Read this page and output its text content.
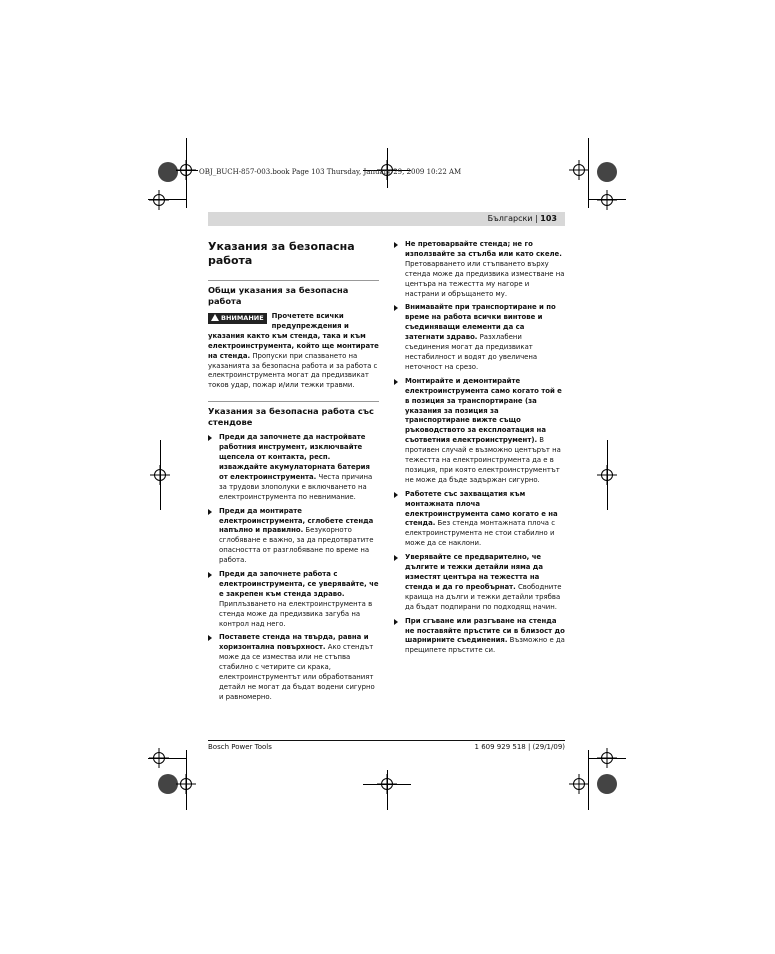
OBJ_BUCH-857-003.book Page 103 Thursday, January 29, 2009 10:22 AM
Български | 103
Указания за безопасна работа
Общи указания за безопасна работа
ВНИМАНИЕ	Прочетете всички предупреждения и указания както към стенда, така и към електроинструмента, който ще монтирате на стенда. Пропуски при спазването на указанията за безопасна работа и за работа с електроинструмента могат да предизвикат токов удар, пожар и/или тежки травми.
Указания за безопасна работа със стендове
Преди да започнете да настройвате работния инструмент, изключвайте щепсела от контакта, респ. изваждайте акумулаторната батерия от електроинструмента. Честа причина за трудови злополуки е включването на електроинструмента по невнимание.
Преди да монтирате електроинструмента, сглобете стенда напълно и правилно. Безукорното сглобяване е важно, за да предотвратите опасността от разглобяване по време на работа.
Преди да започнете работа с електроинструмента, се уверявайте, че е закрепен към стенда здраво. Приплъзването на електроинструмента в стенда може да предизвика загуба на контрол над него.
Поставете стенда на твърда, равна и хоризонтална повърхност. Ако стендът може да се измества или не стъпва стабилно с четирите си крака, електроинструментът или обработваният детайл не могат да бъдат водени сигурно и равномерно.
Не претоварвайте стенда; не го използвайте за стълба или като скеле. Претоварването или стъпването върху стенда може да предизвика изместване на центъра на тежестта му нагоре и настрани и обръщането му.
Внимавайте при транспортиране и по време на работа всички винтове и съединяващи елементи да са затегнати здраво. Разхлабени съединения могат да предизвикат нестабилност и водят до увеличена неточност на срезо.
Монтирайте и демонтирайте електроинструмента само когато той е в позиция за транспортиране (за указания за позиция за транспортиране вижте също ръководството за експлоатация на съответния електроинструмент). В противен случай е възможно центърът на тежестта на електроинструмента да е в позиция, при която електроинструментът не може да бъде задържан сигурно.
Работете със захващатия към монтажната плоча електроинструмента само когато е на стенда. Без стенда монтажната плоча с електроинструмента не стои стабилно и може да се наклони.
Уверявайте се предварително, че дългите и тежки детайли няма да изместят центъра на тежестта на стенда и да го преобърнат. Свободните краища на дълги и тежки детайли трябва да бъдат подпирани по подходящ начин.
При сгъване или разгъване на стенда не поставяйте пръстите си в близост до шарнирните съединения. Възможно е да прещипете пръстите си.
Bosch Power Tools	1 609 929 518 | (29/1/09)
